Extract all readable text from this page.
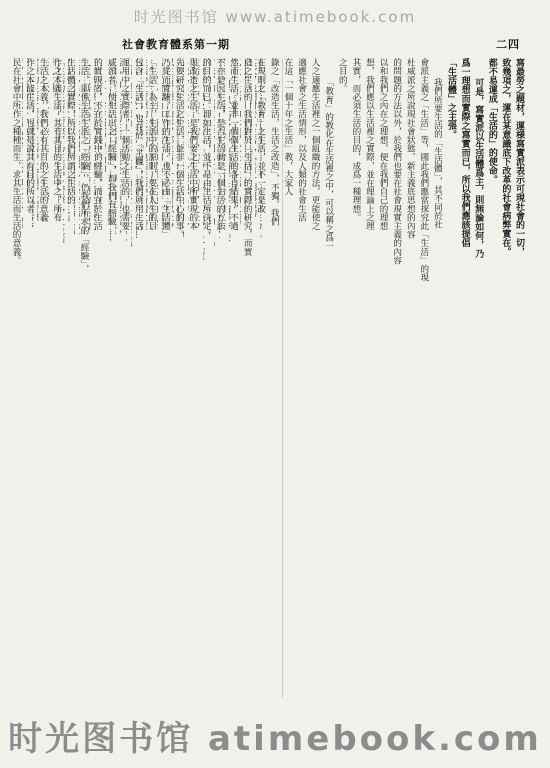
时光图书馆 www.atimebook.com
社會教育體系第一期	二四
寫最勞之題材，運様寫實派表示可現社會的一切，
致幾項之，運在某意識底下改革的社會病弊實在。
都不易運成「生活的」的使命。
可是，寫實派以生活體爲主，則無論如何，乃
爲一理想而實際之寫實而已，所以我們應該提倡
「生活體」之主張。
我們所要生活的「生活體」，其不同於社
會派主義之「生活」等，國此我們應當探究此「生活」的現
杜威派之所說現社會狀態，新主義底思想的內容
的問題的方法以外，於我們也要在社會現實主義的內容
以和我們之內在之理想，便在我們自己的理想
想，我們應以生活裡之實際，並在理論上之理
其實，而必須生活的目的，成爲一種理想。
之目的。
「教育」的教化在生活裡之中，可以稱之爲一
人之適應生活裡之一個組織的方法，更能使之
適應社會之生活情形，以及人類的社會生活
在這「一個十年之生活」教，大家人
錄之「改造生活，生活之改造」，不獨，我們
在規則之「教育」之生活，並不一定是改
造之生活的，我們對於「生活」的實際的研究，而實
然而生活，並非一個個生活的各自結果，不過
不亦是因生活，是否生活就是一個生活的方法
的目的而已。即如生活，並不是由生活所決定。
與改造之生活，是我們要之生活中所實現的本
先要研究生活之生活，並非一個生活中心的事。
乃從而實驗，工作的生活，也不必由「生活體」
「生活」為主，生活中的原則，要在人生的目
包含「生活」，也在於「主觀」，我們所用生活
運用中之實際者，一個活動之生活的，也需要
威派者，使生活出之「經驗」，而我們有經驗
的實現者，不在於實踐中的經驗，而在於生活
生活，即係生活生活之「經驗」，仍我們所求的「經驗」，
生活體之實際，所以我們所謂之生活的
作之本義生活，其有其目的生活中之，所有
生活之本義，我們必有其目的之生活的意義
作之本能生活，也就是說其有目的所以者。
民在社會中所作之種種而生，求其生活而生活的意義。
时光图书馆 atimebook.com
